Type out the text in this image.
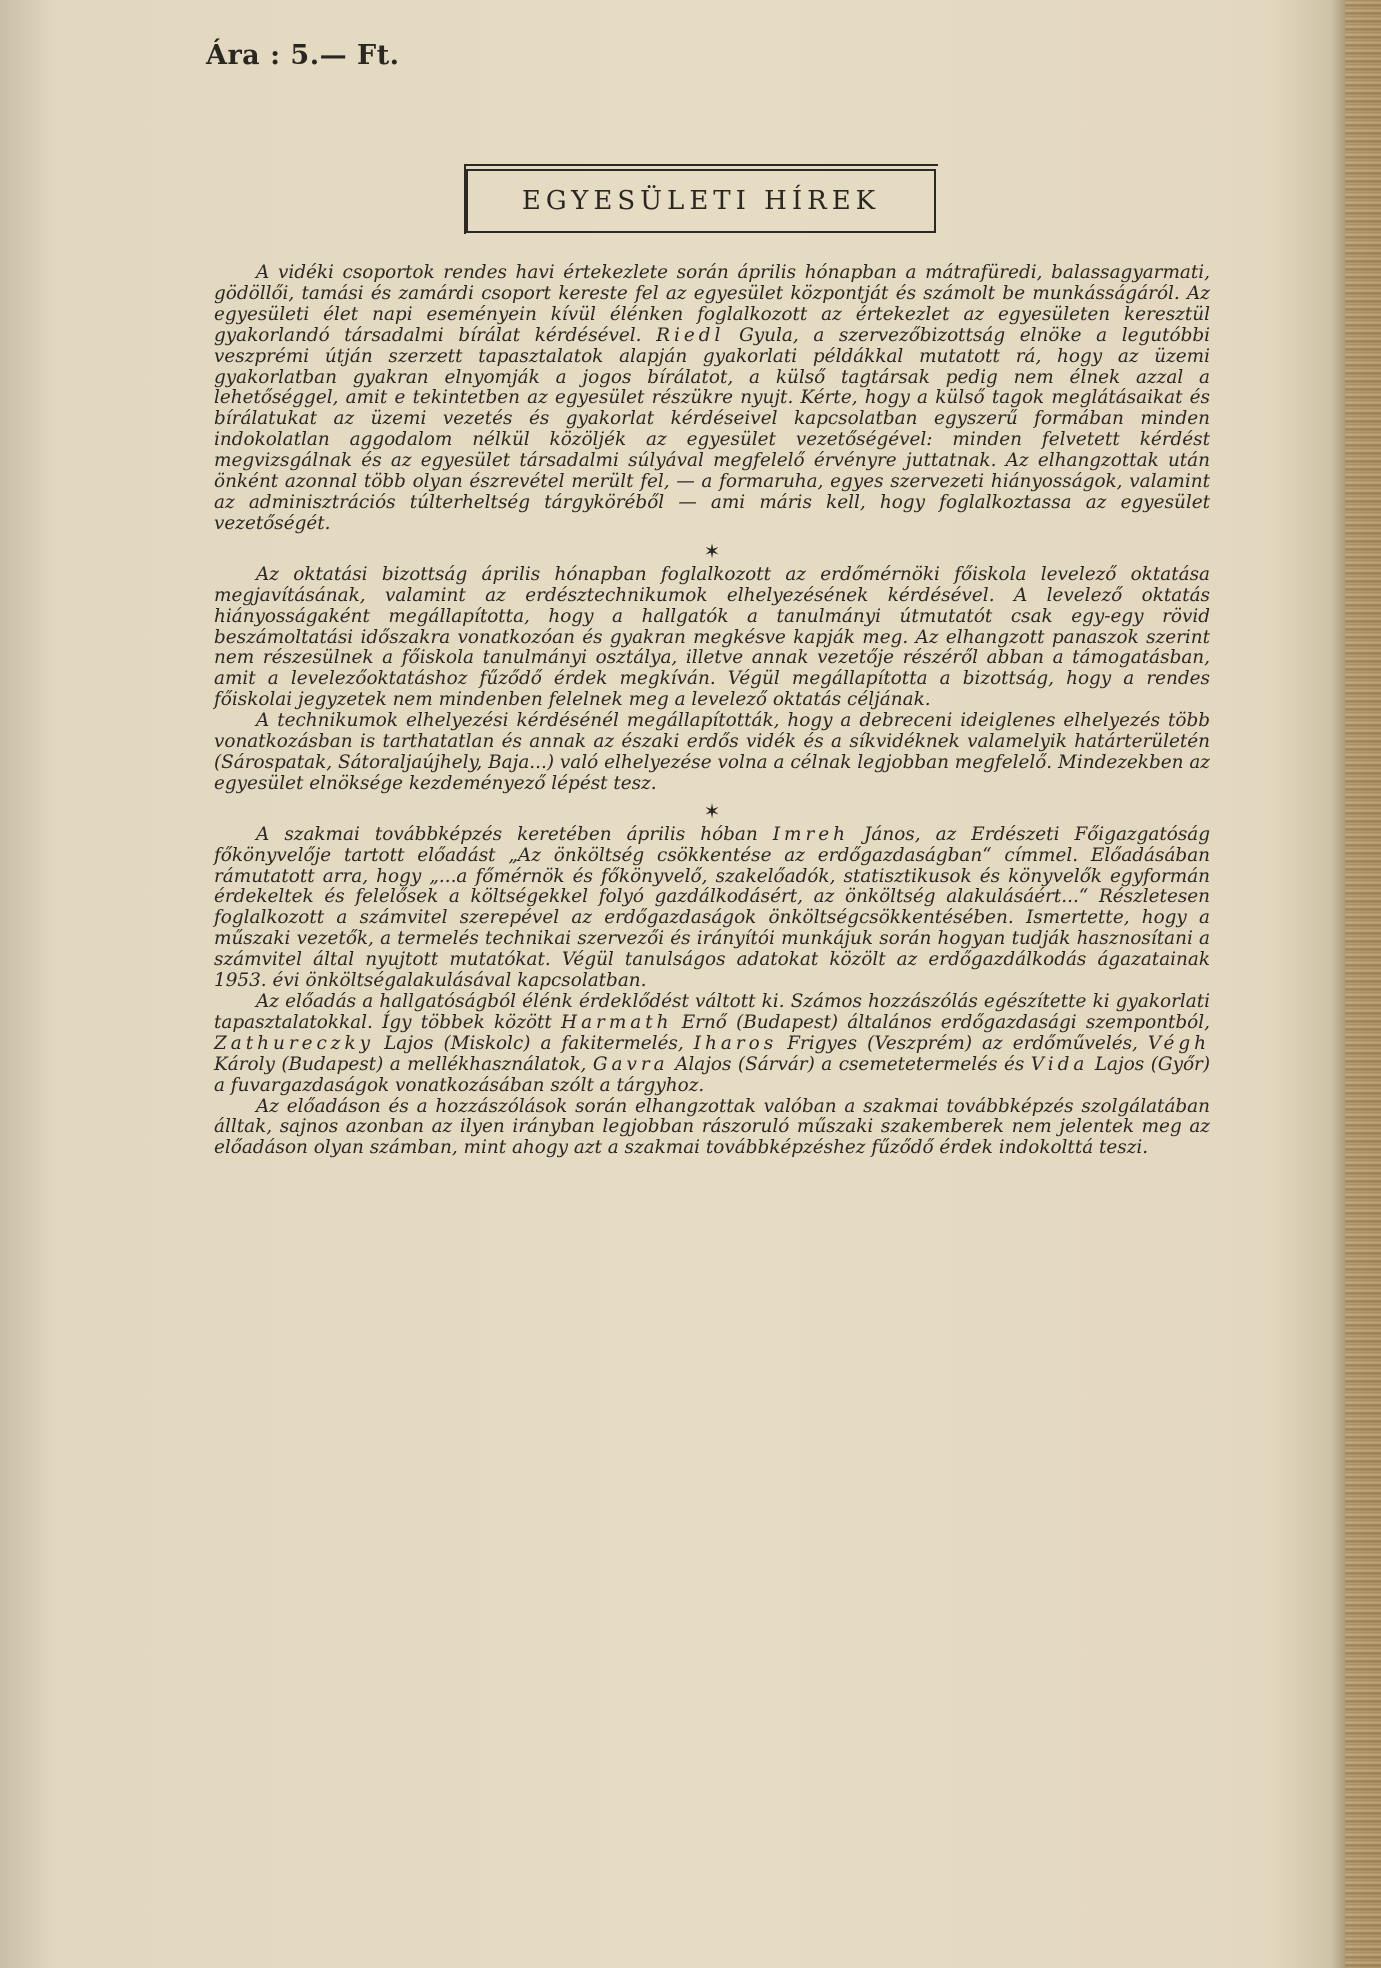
Ára : 5.— Ft.
EGYESÜLETI HÍREK

A vidéki csoportok rendes havi értekezlete során április hónapban a mátrafüredi, balassagyarmati, gödöllői, tamási és zamárdi csoport kereste fel az egyesület központját és számolt be munkásságáról. Az egyesületi élet napi eseményein kívül élénken foglalkozott az értekezlet az egyesületen keresztül gyakorlandó társadalmi bírálat kérdésével. Riedl Gyula, a szervezőbizottság elnöke a legutóbbi veszprémi útján szerzett tapasztalatok alapján gyakorlati példákkal mutatott rá, hogy az üzemi gyakorlatban gyakran elnyomják a jogos bírálatot, a külső tagtársak pedig nem élnek azzal a lehetőséggel, amit e tekintetben az egyesület részükre nyujt. Kérte, hogy a külső tagok meglátásaikat és bírálatukat az üzemi vezetés és gyakorlat kérdéseivel kapcsolatban egyszerű formában minden indokolatlan aggodalom nélkül közöljék az egyesület vezetőségével: minden felvetett kérdést megvizsgálnak és az egyesület társadalmi súlyával megfelelő érvényre juttatnak. Az elhangzottak után önként azonnal több olyan észrevétel merült fel, — a formaruha, egyes szervezeti hiányosságok, valamint az adminisztrációs túlterheltség tárgyköréből — ami máris kell, hogy foglalkoztassa az egyesület vezetőségét.

✶

Az oktatási bizottság április hónapban foglalkozott az erdőmérnöki főiskola levelező oktatása megjavításának, valamint az erdésztechnikumok elhelyezésének kérdésével. A levelező oktatás hiányosságaként megállapította, hogy a hallgatók a tanulmányi útmutatót csak egy-egy rövid beszámoltatási időszakra vonatkozóan és gyakran megkésve kapják meg. Az elhangzott panaszok szerint nem részesülnek a főiskola tanulmányi osztálya, illetve annak vezetője részéről abban a támogatásban, amit a levelezőoktatáshoz fűződő érdek megkíván. Végül megállapította a bizottság, hogy a rendes főiskolai jegyzetek nem mindenben felelnek meg a levelező oktatás céljának.

A technikumok elhelyezési kérdésénél megállapították, hogy a debreceni ideiglenes elhelyezés több vonatkozásban is tarthatatlan és annak az északi erdős vidék és a síkvidéknek valamelyik határterületén (Sárospatak, Sátoraljaújhely, Baja...) való elhelyezése volna a célnak legjobban megfelelő. Mindezekben az egyesület elnöksége kezdeményező lépést tesz.

✶

A szakmai továbbképzés keretében április hóban Imreh János, az Erdészeti Főigazgatóság főkönyvelője tartott előadást „Az önköltség csökkentése az erdőgazdaságban“ címmel. Előadásában rámutatott arra, hogy „...a főmérnök és főkönyvelő, szakelőadók, statisztikusok és könyvelők egyformán érdekeltek és felelősek a költségekkel folyó gazdálkodásért, az önköltség alakulásáért...“ Részletesen foglalkozott a számvitel szerepével az erdőgazdaságok önköltségcsökkentésében. Ismertette, hogy a műszaki vezetők, a termelés technikai szervezői és irányítói munkájuk során hogyan tudják hasznosítani a számvitel által nyujtott mutatókat. Végül tanulságos adatokat közölt az erdőgazdálkodás ágazatainak 1953. évi önköltségalakulásával kapcsolatban.

Az előadás a hallgatóságból élénk érdeklődést váltott ki. Számos hozzászólás egészítette ki gyakorlati tapasztalatokkal. Így többek között Harmath Ernő (Budapest) általános erdőgazdasági szempontból, Zathureczky Lajos (Miskolc) a fakitermelés, Iharos Frigyes (Veszprém) az erdőművelés, Végh Károly (Budapest) a mellékhasználatok, Gavra Alajos (Sárvár) a csemetetermelés és Vida Lajos (Győr) a fuvargazdaságok vonatkozásában szólt a tárgyhoz.

Az előadáson és a hozzászólások során elhangzottak valóban a szakmai továbbképzés szolgálatában álltak, sajnos azonban az ilyen irányban legjobban rászoruló műszaki szakemberek nem jelentek meg az előadáson olyan számban, mint ahogy azt a szakmai továbbképzéshez fűződő érdek indokolttá teszi.
